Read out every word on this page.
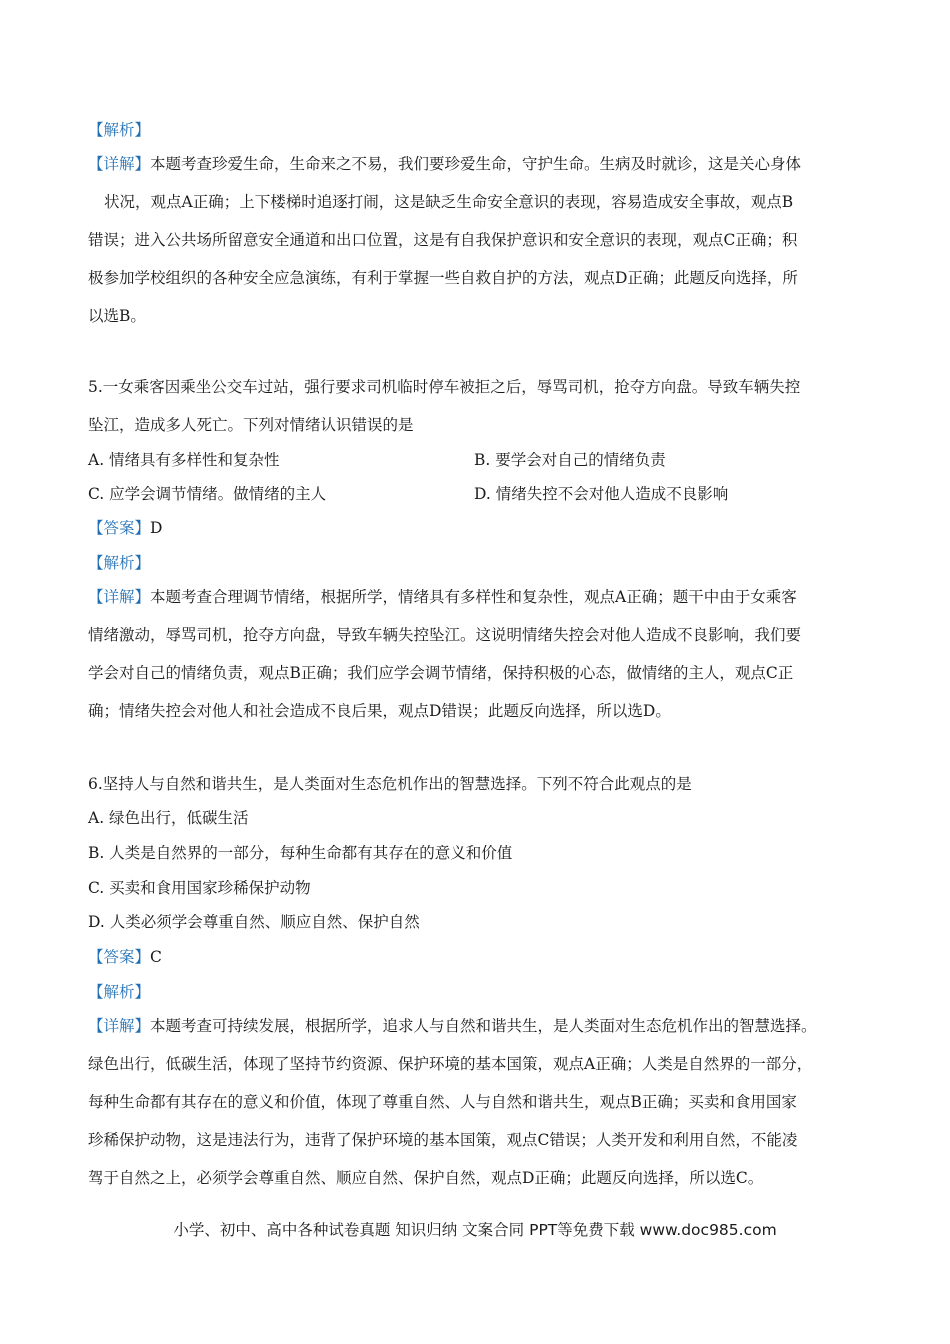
【解析】
【详解】本题考查珍爱生命，生命来之不易，我们要珍爱生命，守护生命。生病及时就诊，这是关心身体
状况，观点A正确；上下楼梯时追逐打闹，这是缺乏生命安全意识的表现，容易造成安全事故，观点B
错误；进入公共场所留意安全通道和出口位置，这是有自我保护意识和安全意识的表现，观点C正确；积
极参加学校组织的各种安全应急演练，有利于掌握一些自救自护的方法，观点D正确；此题反向选择，所
以选B。
5.一女乘客因乘坐公交车过站，强行要求司机临时停车被拒之后，辱骂司机，抢夺方向盘。导致车辆失控
坠江，造成多人死亡。下列对情绪认识错误的是
A. 情绪具有多样性和复杂性	B. 要学会对自己的情绪负责
C. 应学会调节情绪。做情绪的主人	D. 情绪失控不会对他人造成不良影响
【答案】D
【解析】
【详解】本题考查合理调节情绪，根据所学，情绪具有多样性和复杂性，观点A正确；题干中由于女乘客
情绪激动，辱骂司机，抢夺方向盘，导致车辆失控坠江。这说明情绪失控会对他人造成不良影响，我们要
学会对自己的情绪负责，观点B正确；我们应学会调节情绪，保持积极的心态，做情绪的主人，观点C正
确；情绪失控会对他人和社会造成不良后果，观点D错误；此题反向选择，所以选D。
6.坚持人与自然和谐共生，是人类面对生态危机作出的智慧选择。下列不符合此观点的是
A. 绿色出行，低碳生活
B. 人类是自然界的一部分，每种生命都有其存在的意义和价值
C. 买卖和食用国家珍稀保护动物
D. 人类必须学会尊重自然、顺应自然、保护自然
【答案】C
【解析】
【详解】本题考查可持续发展，根据所学，追求人与自然和谐共生，是人类面对生态危机作出的智慧选择。
绿色出行，低碳生活，体现了坚持节约资源、保护环境的基本国策，观点A正确；人类是自然界的一部分，
每种生命都有其存在的意义和价值，体现了尊重自然、人与自然和谐共生，观点B正确；买卖和食用国家
珍稀保护动物，这是违法行为，违背了保护环境的基本国策，观点C错误；人类开发和利用自然，不能凌
驾于自然之上，必须学会尊重自然、顺应自然、保护自然，观点D正确；此题反向选择，所以选C。
小学、初中、高中各种试卷真题 知识归纳 文案合同 PPT等免费下载 www.doc985.com
